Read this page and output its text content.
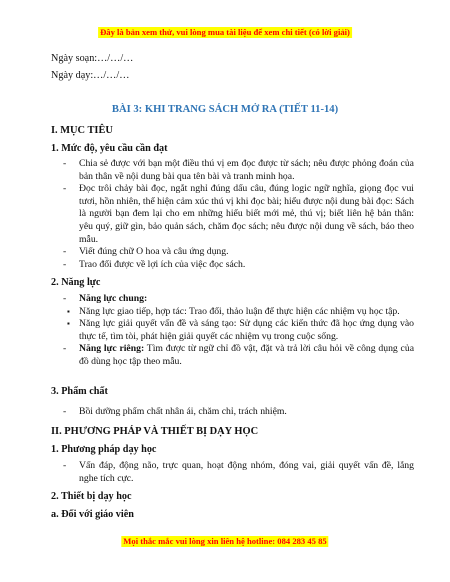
Đây là bản xem thử, vui lòng mua tài liệu để xem chi tiết (có lời giải)
Ngày soạn:…/…/…
Ngày dạy:…/…/…
BÀI 3: KHI TRANG SÁCH MỞ RA (TIẾT 11-14)
I. MỤC TIÊU
1. Mức độ, yêu cầu cần đạt
- Chia sẻ được với bạn một điều thú vị em đọc được từ sách; nêu được phỏng đoán của bản thân về nội dung bài qua tên bài và tranh minh họa.
- Đọc trôi chảy bài đọc, ngắt nghỉ đúng dấu câu, đúng logic ngữ nghĩa, giọng đọc vui tươi, hồn nhiên, thể hiện cảm xúc thú vị khi đọc bài; hiểu được nội dung bài đọc: Sách là người bạn đem lại cho em những hiểu biết mới mẻ, thú vị; biết liên hệ bản thân: yêu quý, giữ gìn, bảo quản sách, chăm đọc sách; nêu được nội dung về sách, báo theo mẫu.
- Viết đúng chữ O hoa và câu ứng dụng.
- Trao đổi được về lợi ích của việc đọc sách.
2. Năng lực
- Năng lực chung:
▪ Năng lực giao tiếp, hợp tác: Trao đổi, thảo luận để thực hiện các nhiệm vụ học tập.
▪ Năng lực giải quyết vấn đề và sáng tạo: Sử dụng các kiến thức đã học ứng dụng vào thực tế, tìm tòi, phát hiện giải quyết các nhiệm vụ trong cuộc sống.
- Năng lực riêng: Tìm được từ ngữ chỉ đồ vật, đặt và trả lời câu hỏi về công dụng của đồ dùng học tập theo mẫu.
3. Phẩm chất
- Bồi dưỡng phẩm chất nhân ái, chăm chỉ, trách nhiệm.
II. PHƯƠNG PHÁP VÀ THIẾT BỊ DẠY HỌC
1. Phương pháp dạy học
- Vấn đáp, động não, trực quan, hoạt động nhóm, đóng vai, giải quyết vấn đề, lắng nghe tích cực.
2. Thiết bị dạy học
a. Đối với giáo viên
Mọi thắc mắc vui lòng xin liên hệ hotline: 084 283 45 85
